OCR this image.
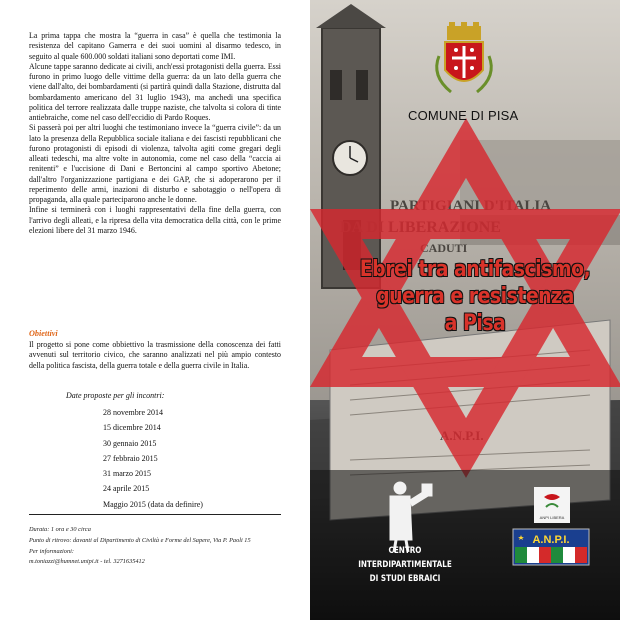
La prima tappa che mostra la “guerra in casa” è quella che testimonia la resistenza del capitano Gamerra e dei suoi uomini al disarmo tedesco, in seguito al quale 600.000 soldati italiani sono deportati come IMI.

Alcune tappe saranno dedicate ai civili, anch'essi protagonisti della guerra. Essi furono in primo luogo delle vittime della guerra: da un lato della guerra che viene dall'alto, dei bombardamenti (si partirà quindi dalla Stazione, distrutta dal bombardamento americano del 31 luglio 1943), ma anchedi una specifica politica del terrore realizzata dalle truppe naziste, che talvolta si colora di tinte antiebraiche, come nel caso dell'eccidio di Pardo Roques.

Si passerà poi per altri luoghi che testimoniano invece la “guerra civile”: da un lato la presenza della Repubblica sociale italiana e dei fascisti repubblicani che furono protagonisti di episodi di violenza, talvolta agiti come gregari degli alleati tedeschi, ma altre volte in autonomia, come nel caso della “caccia ai renitenti” e l'uccisione di Dani e Bertoncini al campo sportivo Abetone; dall'altro l'organizzazione partigiana e dei GAP, che si adoperarono per il reperimento delle armi, inazioni di disturbo e sabotaggio o nell'opera di propaganda, alla quale parteciparono anche le donne.

Infine si terminerà con i luoghi rappresentativi della fine della guerra, con l'arrivo degli alleati, e la ripresa della vita democratica della città, con le prime elezioni libere del 31 marzo 1946.

Obiettivi

Il progetto si pone come obbiettivo la trasmissione della conoscenza dei fatti avvenuti sul territorio civico, che saranno analizzati nel più ampio contesto della politica fascista, della guerra totale e della guerra civile in Italia.

Date proposte per gli incontri:

28 novembre 2014
15 dicembre 2014
30 gennaio 2015
27 febbraio 2015
31 marzo 2015
24 aprile 2015
Maggio 2015 (data da definire)
Durata: 1 ora e 30 circa
Punto di ritrovo: davanti al Dipartimento di Civiltà e Forme del Sapere, Via P. Paoli 15
Per informazioni:
m.toniazzi@humnet.unipi.it - tel. 3271635412
PARTIGIANI D'ITALIA
DA DI LIBERAZIONE
CADUTI
A.N.P.I.
ANPI LIBERA
A.N.P.I.
COMUNE DI PISA
Ebrei tra antifascismo,
guerra e resistenza
a Pisa

CENTRO INTERDIPARTIMENTALE
DI STUDI EBRAICI
